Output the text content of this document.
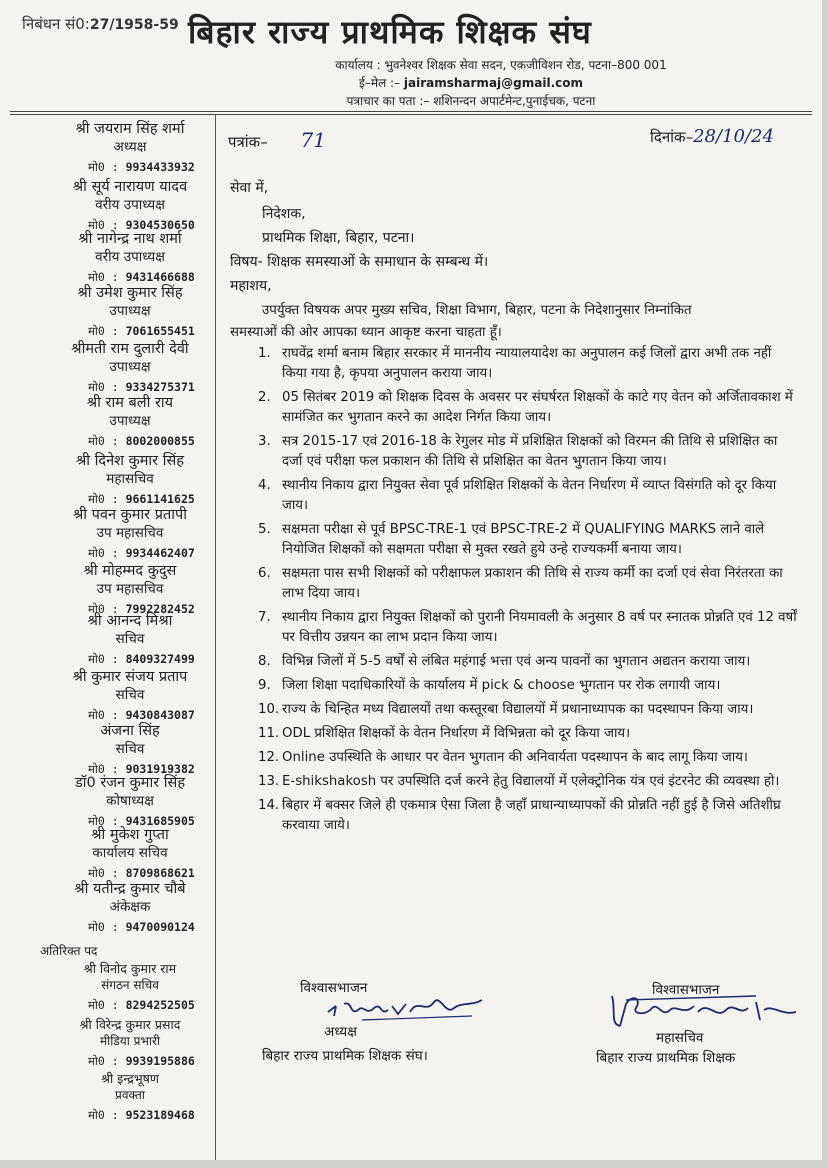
निबंधन सं0:27/1958-59 बिहार राज्य प्राथमिक शिक्षक संघ
कार्यालय : भुवनेश्वर शिक्षक सेवा सदन, एकजीविशन रोड, पटना–800 001
ई–मेल :– jairamsharmaj@gmail.com
पत्राचार का पता :– शशिनन्दन अपार्टमेन्ट,पुनाईचक, पटना
श्री जयराम सिंह शर्मा
अध्यक्ष
मो0 : 9934433932
श्री सूर्य नारायण यादव
वरीय उपाध्यक्ष
मो0 : 9304530650
श्री नागेन्द्र नाथ शर्मा
वरीय उपाध्यक्ष
मो0 : 9431466688
श्री उमेश कुमार सिंह
उपाध्यक्ष
मो0 : 7061655451
श्रीमती राम दुलारी देवी
उपाध्यक्ष
मो0 : 9334275371
श्री राम बली राय
उपाध्यक्ष
मो0 : 8002000855
श्री दिनेश कुमार सिंह
महासचिव
मो0 : 9661141625
श्री पवन कुमार प्रतापी
उप महासचिव
मो0 : 9934462407
श्री मोहम्मद कुदुस
उप महासचिव
मो0 : 7992282452
श्री आनन्द मिश्रा
सचिव
मो0 : 8409327499
श्री कुमार संजय प्रताप
सचिव
मो0 : 9430843087
अंजना सिंह
सचिव
मो0 : 9031919382
डॉ0 रंजन कुमार सिंह
कोषाध्यक्ष
मो0 : 9431685905
श्री मुकेश गुप्ता
कार्यालय सचिव
मो0 : 8709868621
श्री यतीन्द्र कुमार चौबे
अंकेक्षक
मो0 : 9470090124
अतिरिक्त पद
श्री विनोद कुमार राम
संगठन सचिव
मो0 : 8294252505
श्री विरेन्द्र कुमार प्रसाद
मीडिया प्रभारी
मो0 : 9939195886
श्री इन्द्रभूषण
प्रवक्ता
मो0 : 9523189468
पत्रांक– 71	दिनांक–28/10/24
सेवा में,
निदेशक,
प्राथमिक शिक्षा, बिहार, पटना।
विषय- शिक्षक समस्याओं के समाधान के सम्बन्ध में।
महाशय,
उपर्युक्त विषयक अपर मुख्य सचिव, शिक्षा विभाग, बिहार, पटना के निदेशानुसार निम्नांकित
समस्याओं की ओर आपका ध्यान आकृष्ट करना चाहता हूँ।
1. राघवेंद्र शर्मा बनाम बिहार सरकार में माननीय न्यायालयादेश का अनुपालन कई जिलों द्वारा अभी तक नहीं किया गया है, कृपया अनुपालन कराया जाय।
2. 05 सितंबर 2019 को शिक्षक दिवस के अवसर पर संघर्षरत शिक्षकों के काटे गए वेतन को अर्जितावकाश में सामंजित कर भुगतान करने का आदेश निर्गत किया जाय।
3. सत्र 2015-17 एवं 2016-18 के रेगुलर मोड में प्रशिक्षित शिक्षकों को विरमन की तिथि से प्रशिक्षित का दर्जा एवं परीक्षा फल प्रकाशन की तिथि से प्रशिक्षित का वेतन भुगतान किया जाय।
4. स्थानीय निकाय द्वारा नियुक्त सेवा पूर्व प्रशिक्षित शिक्षकों के वेतन निर्धारण में व्याप्त विसंगति को दूर किया जाय।
5. सक्षमता परीक्षा से पूर्व BPSC-TRE-1 एवं BPSC-TRE-2 में QUALIFYING MARKS लाने वाले नियोजित शिक्षकों को सक्षमता परीक्षा से मुक्त रखते हुये उन्हे राज्यकर्मी बनाया जाय।
6. सक्षमता पास सभी शिक्षकों को परीक्षाफल प्रकाशन की तिथि से राज्य कर्मी का दर्जा एवं सेवा निरंतरता का लाभ दिया जाय।
7. स्थानीय निकाय द्वारा नियुक्त शिक्षकों को पुरानी नियमावली के अनुसार 8 वर्ष पर स्नातक प्रोन्नति एवं 12 वर्षों पर वित्तीय उन्नयन का लाभ प्रदान किया जाय।
8. विभिन्न जिलों में 5-5 वर्षों से लंबित महंगाई भत्ता एवं अन्य पावनों का भुगतान अद्यतन कराया जाय।
9. जिला शिक्षा पदाधिकारियों के कार्यालय में pick & choose भुगतान पर रोक लगायी जाय।
10. राज्य के चिन्हित मध्य विद्यालयों तथा कस्तूरबा विद्यालयों में प्रधानाध्यापक का पदस्थापन किया जाय।
11. ODL प्रशिक्षित शिक्षकों के वेतन निर्धारण में विभिन्नता को दूर किया जाय।
12. Online उपस्थिति के आधार पर वेतन भुगतान की अनिवार्यता पदस्थापन के बाद लागू किया जाय।
13. E-shikshakosh पर उपस्थिति दर्ज करने हेतु विद्यालयों में एलेक्ट्रोनिक यंत्र एवं इंटरनेट की व्यवस्था हो।
14. बिहार में बक्सर जिले ही एकमात्र ऐसा जिला है जहाँ प्राधान्याध्यापकों की प्रोन्नति नहीं हुई है जिसे अतिशीघ्र करवाया जाये।
विश्वासभाजन
अध्यक्ष
बिहार राज्य प्राथमिक शिक्षक संघ।
विश्वासभाजन
महासचिव
बिहार राज्य प्राथमिक शिक्षक
